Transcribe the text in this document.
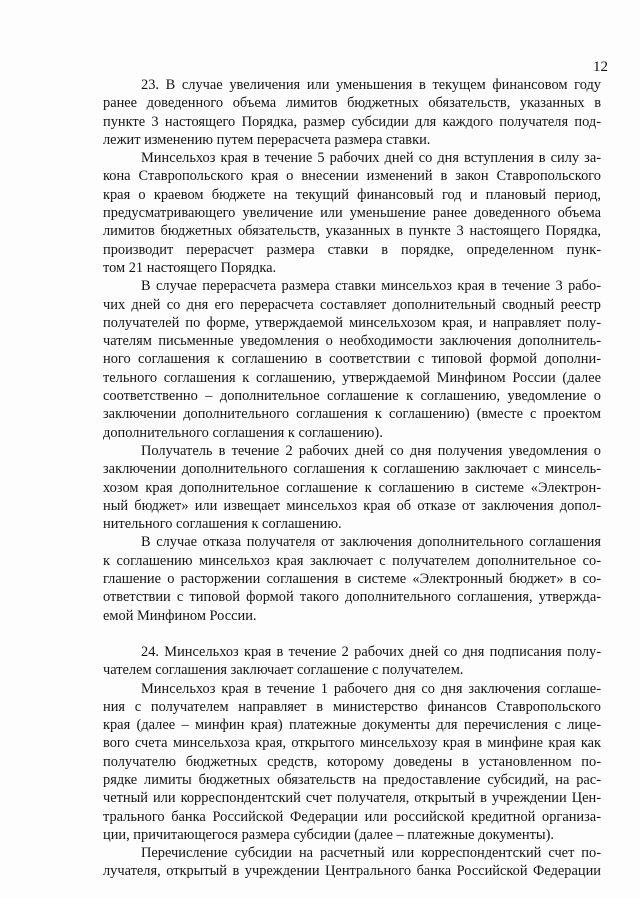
12
23. В случае увеличения или уменьшения в текущем финансовом году
ранее доведенного объема лимитов бюджетных обязательств, указанных в
пункте 3 настоящего Порядка, размер субсидии для каждого получателя под-
лежит изменению путем перерасчета размера ставки.
Минсельхоз края в течение 5 рабочих дней со дня вступления в силу за-
кона Ставропольского края о внесении изменений в закон Ставропольского
края о краевом бюджете на текущий финансовый год и плановый период,
предусматривающего увеличение или уменьшение ранее доведенного объема
лимитов бюджетных обязательств, указанных в пункте 3 настоящего Порядка,
производит перерасчет размера ставки в порядке, определенном пунк-
том 21 настоящего Порядка.
В случае перерасчета размера ставки минсельхоз края в течение 3 рабо-
чих дней со дня его перерасчета составляет дополнительный сводный реестр
получателей по форме, утверждаемой минсельхозом края, и направляет полу-
чателям письменные уведомления о необходимости заключения дополнитель-
ного соглашения к соглашению в соответствии с типовой формой дополни-
тельного соглашения к соглашению, утверждаемой Минфином России (далее
соответственно – дополнительное соглашение к соглашению, уведомление о
заключении дополнительного соглашения к соглашению) (вместе с проектом
дополнительного соглашения к соглашению).
Получатель в течение 2 рабочих дней со дня получения уведомления о
заключении дополнительного соглашения к соглашению заключает с минсель-
хозом края дополнительное соглашение к соглашению в системе «Электрон-
ный бюджет» или извещает минсельхоз края об отказе от заключения допол-
нительного соглашения к соглашению.
В случае отказа получателя от заключения дополнительного соглашения
к соглашению минсельхоз края заключает с получателем дополнительное со-
глашение о расторжении соглашения в системе «Электронный бюджет» в со-
ответствии с типовой формой такого дополнительного соглашения, утвержда-
емой Минфином России.
24. Минсельхоз края в течение 2 рабочих дней со дня подписания полу-
чателем соглашения заключает соглашение с получателем.
Минсельхоз края в течение 1 рабочего дня со дня заключения соглаше-
ния с получателем направляет в министерство финансов Ставропольского
края (далее – минфин края) платежные документы для перечисления с лице-
вого счета минсельхоза края, открытого минсельхозу края в минфине края как
получателю бюджетных средств, которому доведены в установленном по-
рядке лимиты бюджетных обязательств на предоставление субсидий, на рас-
четный или корреспондентский счет получателя, открытый в учреждении Цен-
трального банка Российской Федерации или российской кредитной организа-
ции, причитающегося размера субсидии (далее – платежные документы).
Перечисление субсидии на расчетный или корреспондентский счет по-
лучателя, открытый в учреждении Центрального банка Российской Федерации
